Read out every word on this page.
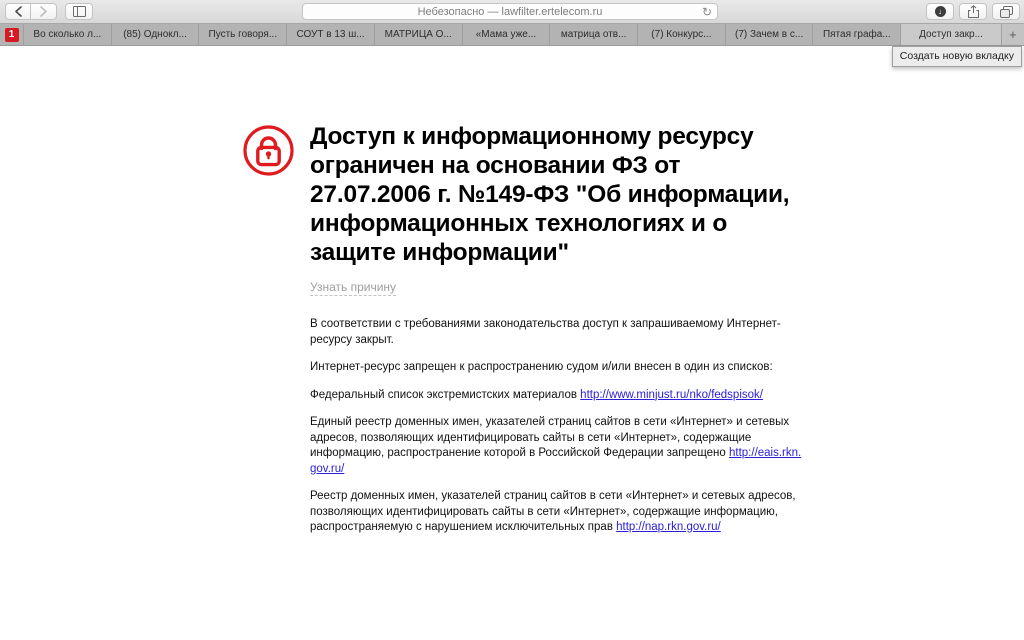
Небезопасно — lawfilter.ertelecom.ru	↻	↓
1	Во сколько л...	(85) Однокл...	Пусть говоря...	СОУТ в 13 ш...	МАТРИЦА О...	«Мама уже...	матрица отв...	(7) Конкурс...	(7) Зачем в с...	Пятая графа...	Доступ закр...	+
Создать новую вкладку
Доступ к информационному ресурсу ограничен на основании ФЗ от 27.07.2006 г. №149-ФЗ "Об информации, информационных технологиях и о защите информации"
Узнать причину

В соответствии с требованиями законодательства доступ к запрашиваемому Интернет-ресурсу закрыт.

Интернет-ресурс запрещен к распространению судом и/или внесен в один из списков:

Федеральный список экстремистских материалов http://www.minjust.ru/nko/fedspisok/

Единый реестр доменных имен, указателей страниц сайтов в сети «Интернет» и сетевых адресов, позволяющих идентифицировать сайты в сети «Интернет», содержащие информацию, распространение которой в Российской Федерации запрещено http://eais.rkn.gov.ru/

Реестр доменных имен, указателей страниц сайтов в сети «Интернет» и сетевых адресов, позволяющих идентифицировать сайты в сети «Интернет», содержащие информацию, распространяемую с нарушением исключительных прав http://nap.rkn.gov.ru/
